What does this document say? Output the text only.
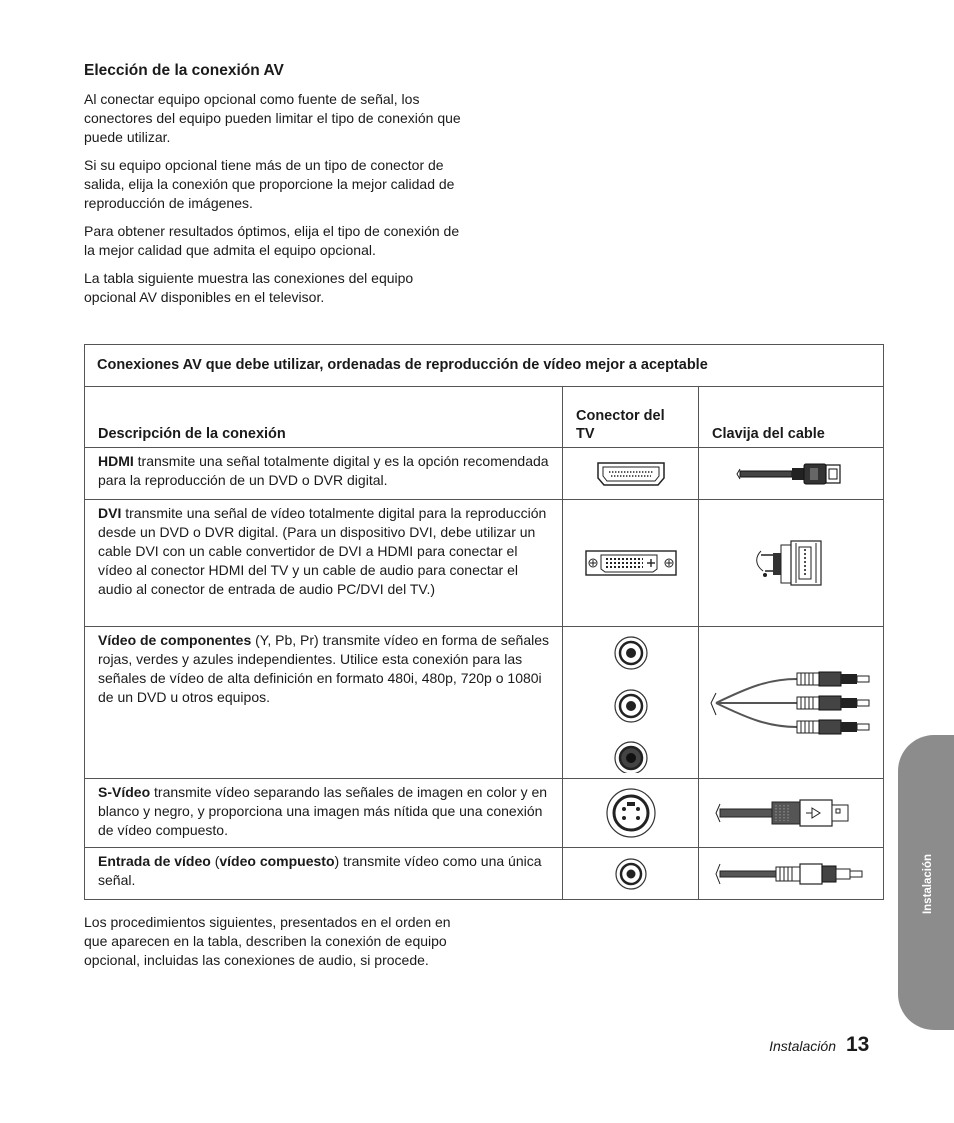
Elección de la conexión AV

Al conectar equipo opcional como fuente de señal, los conectores del equipo pueden limitar el tipo de conexión que puede utilizar.

Si su equipo opcional tiene más de un tipo de conector de salida, elija la conexión que proporcione la mejor calidad de reproducción de imágenes.

Para obtener resultados óptimos, elija el tipo de conexión de la mejor calidad que admita el equipo opcional.

La tabla siguiente muestra las conexiones del equipo opcional AV disponibles en el televisor.

Conexiones AV que debe utilizar, ordenadas de reproducción de vídeo mejor a aceptable		
Descripción de la conexión	Conector del TV	Clavija del cable
HDMI transmite una señal totalmente digital y es la opción recomendada para la reproducción de un DVD o DVR digital.	

DVI transmite una señal de vídeo totalmente digital para la reproducción desde un DVD o DVR digital. (Para un dispositivo DVI, debe utilizar un cable DVI con un cable convertidor de DVI a HDMI para conectar el vídeo al conector HDMI del TV y un cable de audio para conectar el audio al conector de entrada de audio PC/DVI del TV.)	

Vídeo de componentes (Y, Pb, Pr) transmite vídeo en forma de señales rojas, verdes y azules independientes. Utilice esta conexión para las señales de vídeo de alta definición en formato 480i, 480p, 720p o 1080i de un DVD u otros equipos.	

S-Vídeo transmite vídeo separando las señales de imagen en color y en blanco y negro, y proporciona una imagen más nítida que una conexión de vídeo compuesto.	

Entrada de vídeo (vídeo compuesto) transmite vídeo como una única señal.	

Los procedimientos siguientes, presentados en el orden en que aparecen en la tabla, describen la conexión de equipo opcional, incluidas las conexiones de audio, si procede.

Instalación
Instalación 13
